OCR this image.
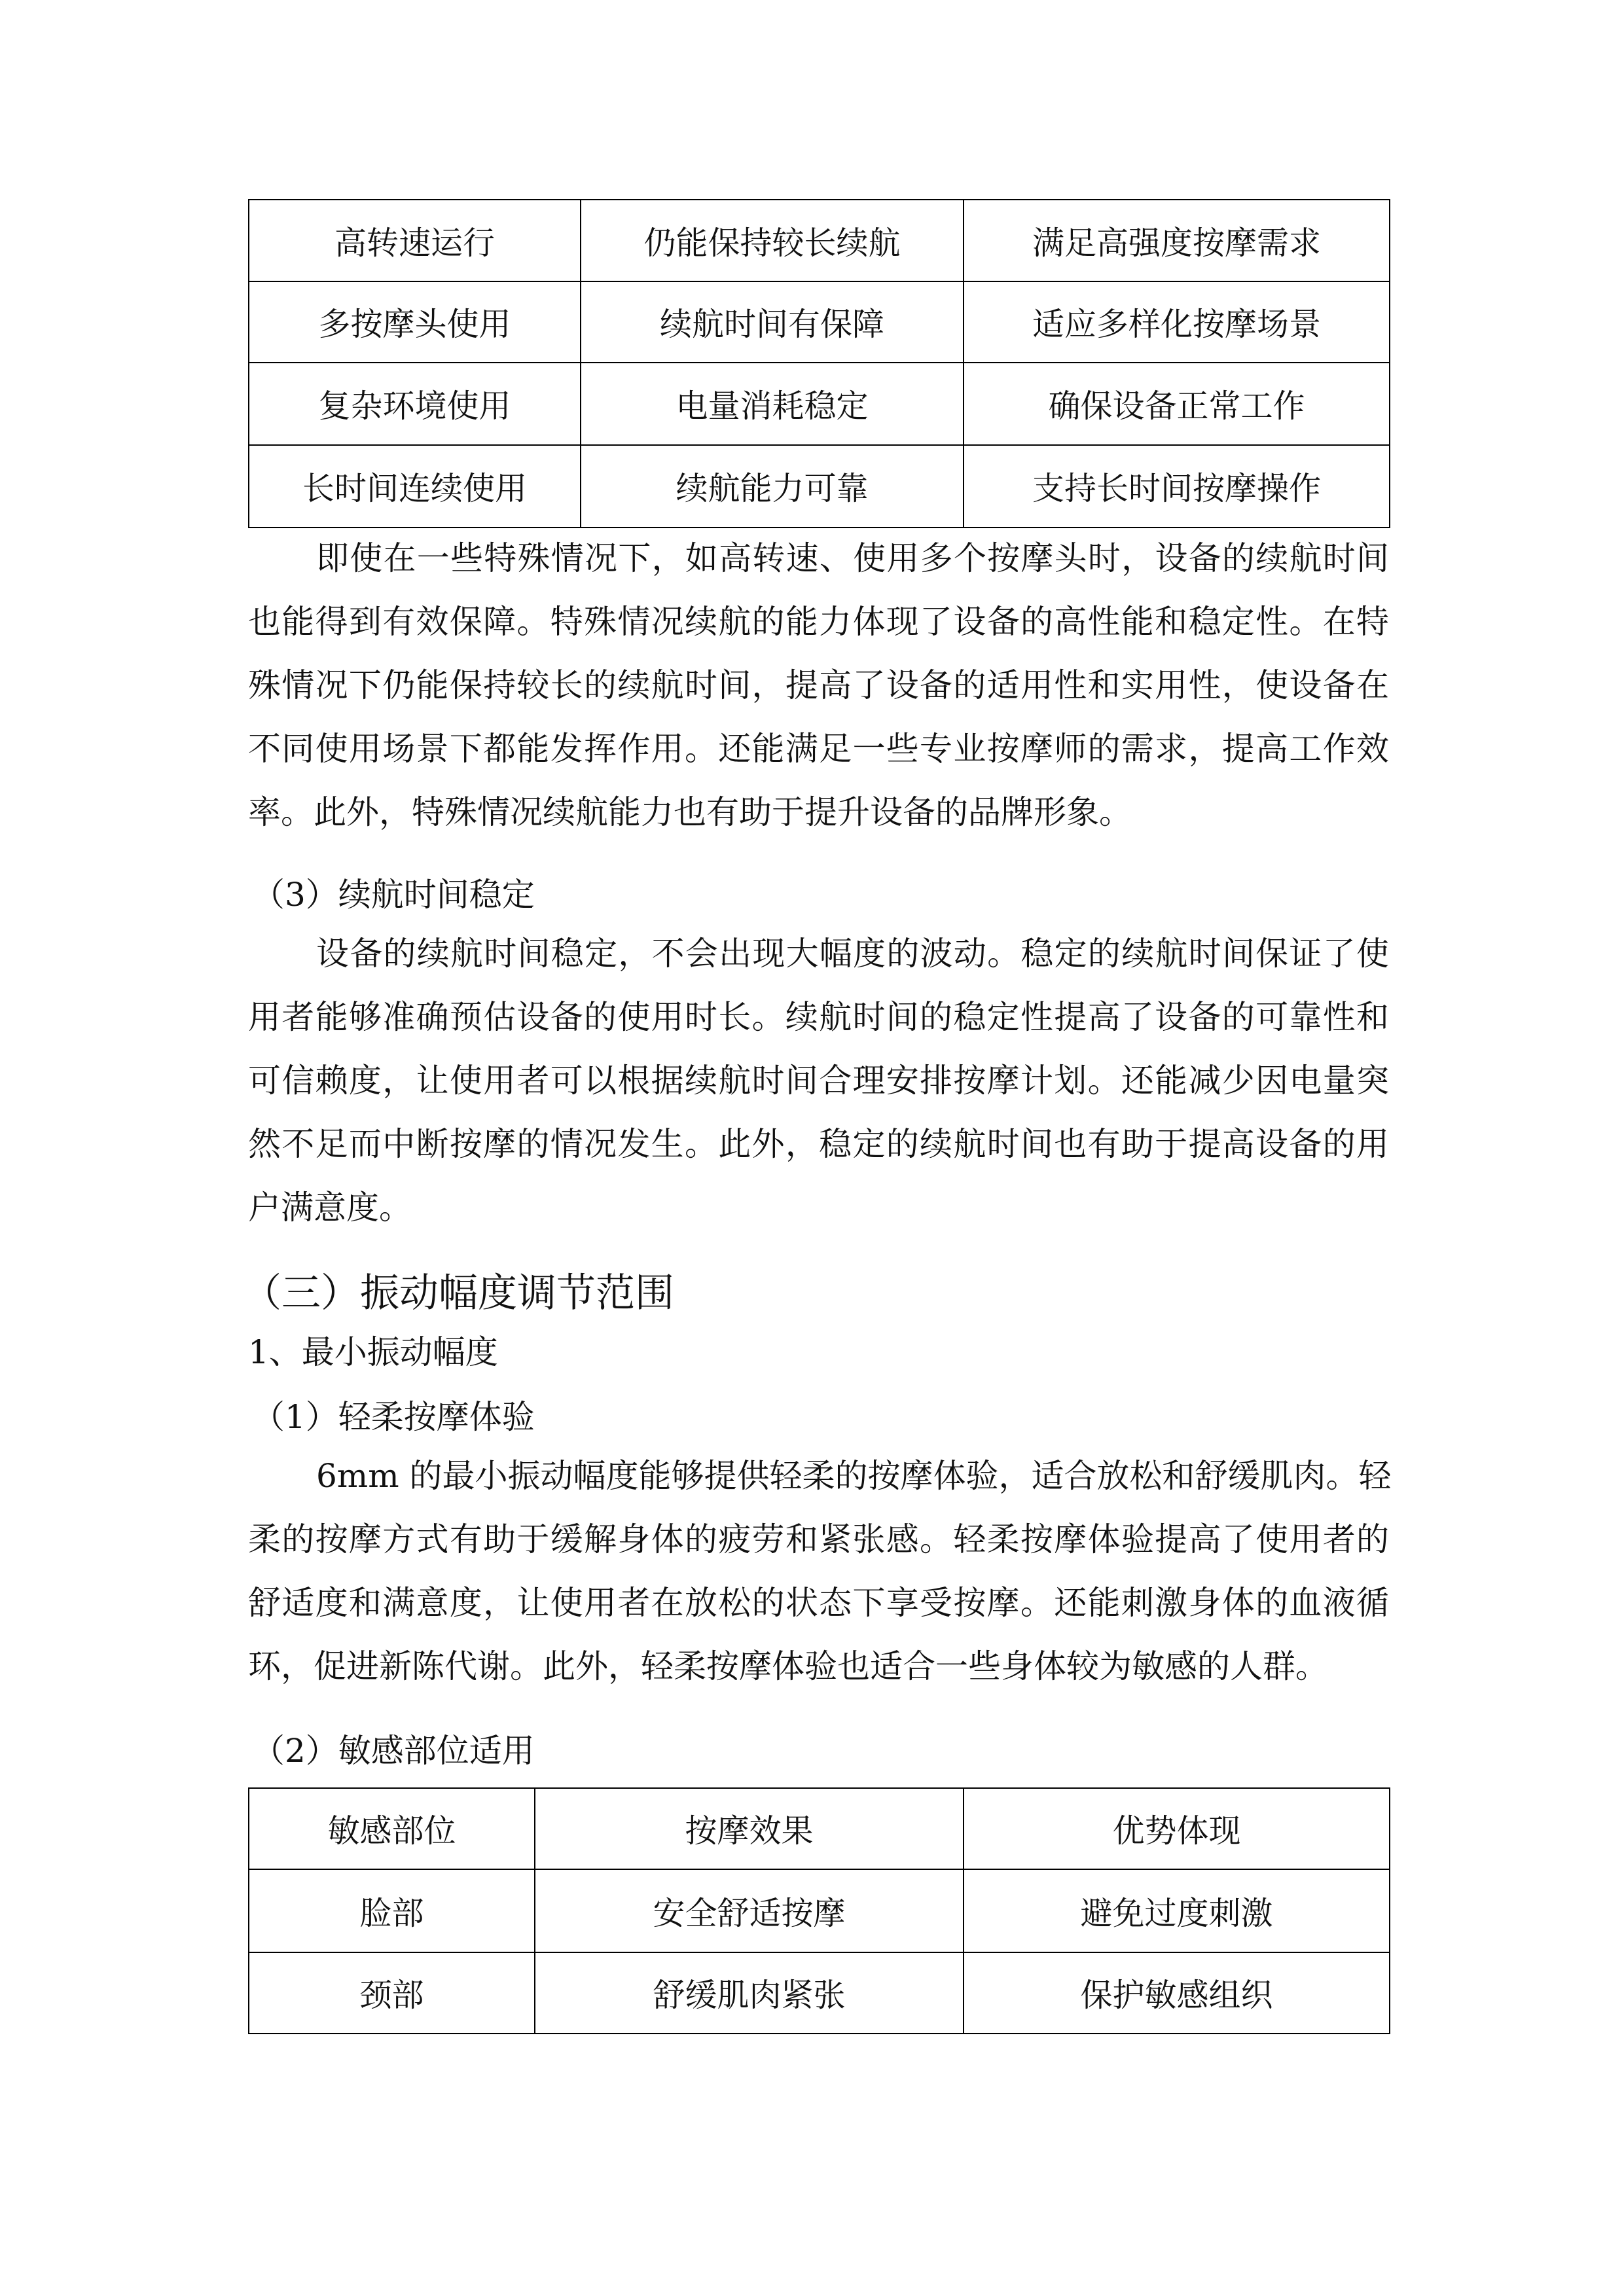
高转速运行	仍能保持较长续航	满足高强度按摩需求
多按摩头使用	续航时间有保障	适应多样化按摩场景
复杂环境使用	电量消耗稳定	确保设备正常工作
长时间连续使用	续航能力可靠	支持长时间按摩操作
即使在一些特殊情况下，如高转速、使用多个按摩头时，设备的续航时间
也能得到有效保障。特殊情况续航的能力体现了设备的高性能和稳定性。在特
殊情况下仍能保持较长的续航时间，提高了设备的适用性和实用性，使设备在
不同使用场景下都能发挥作用。还能满足一些专业按摩师的需求，提高工作效
率。此外，特殊情况续航能力也有助于提升设备的品牌形象。
（3）续航时间稳定
设备的续航时间稳定，不会出现大幅度的波动。稳定的续航时间保证了使
用者能够准确预估设备的使用时长。续航时间的稳定性提高了设备的可靠性和
可信赖度，让使用者可以根据续航时间合理安排按摩计划。还能减少因电量突
然不足而中断按摩的情况发生。此外，稳定的续航时间也有助于提高设备的用
户满意度。
（三）振动幅度调节范围
1、最小振动幅度
（1）轻柔按摩体验
6mm 的最小振动幅度能够提供轻柔的按摩体验，适合放松和舒缓肌肉。轻
柔的按摩方式有助于缓解身体的疲劳和紧张感。轻柔按摩体验提高了使用者的
舒适度和满意度，让使用者在放松的状态下享受按摩。还能刺激身体的血液循
环，促进新陈代谢。此外，轻柔按摩体验也适合一些身体较为敏感的人群。
（2）敏感部位适用
敏感部位	按摩效果	优势体现
脸部	安全舒适按摩	避免过度刺激
颈部	舒缓肌肉紧张	保护敏感组织
